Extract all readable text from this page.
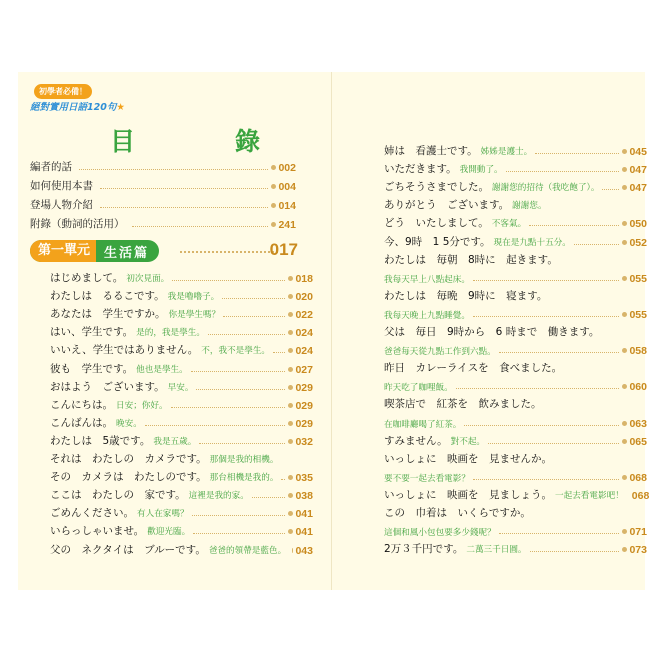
初學者必備！
絕對實用日語120句★
目	錄
編者的話	002
如何使用本書	004
登場人物介紹	014
附錄（動詞的活用）	241
第一單元	生活篇	017
はじめまして。 初次見面。	018
わたしは　るるこです。 我是嚕嚕子。	020
あなたは　学生ですか。 你是學生嗎？	022
はい、学生です。 是的，我是學生。	024
いいえ、学生ではありません。 不，我不是學生。 024
彼も　学生です。 他也是學生。	027
おはよう　ございます。 早安。	029
こんにちは。 日安；你好。	029
こんばんは。 晚安。	029
わたしは　5歳です。 我是五歲。	032
それは　わたしの　カメラです。 那個是我的相機。
その　カメラは　わたしのです。 那台相機是我的。 035
ここは　わたしの　家です。 這裡是我的家。	038
ごめんください。 有人在家嗎？	041
いらっしゃいませ。 歡迎光臨。	041
父の　ネクタイは　ブルーです。 爸爸的領帶是藍色。 043
姉は　看護士です。 姊姊是護士。	045
いただきます。 我開動了。	047
ごちそうさまでした。 謝謝您的招待（我吃飽了）。	047
ありがとう　ございます。 謝謝您。
どう　いたしまして。 不客氣。	050
今、9時　1 5分です。 現在是九點十五分。	052
わたしは　毎朝　8時に　起きます。
我每天早上八點起床。	055
わたしは　毎晩　9時に　寝ます。
我每天晚上九點睡覺。	055
父は　毎日　9時から　6 時まで　働きます。
爸爸每天從九點工作到六點。	058
昨日　カレーライスを　食べました。
昨天吃了咖哩飯。	060
喫茶店で　紅茶を　飲みました。
在咖啡廳喝了紅茶。	063
すみません。 對不起。	065
いっしょに　映画を　見ませんか。
要不要一起去看電影？	068
いっしょに　映画を　見ましょう。 一起去看電影吧！ 068
この　巾着は　いくらですか。
這個和風小包包要多少錢呢？	071
2万３千円です。 二萬三千日圓。	073
